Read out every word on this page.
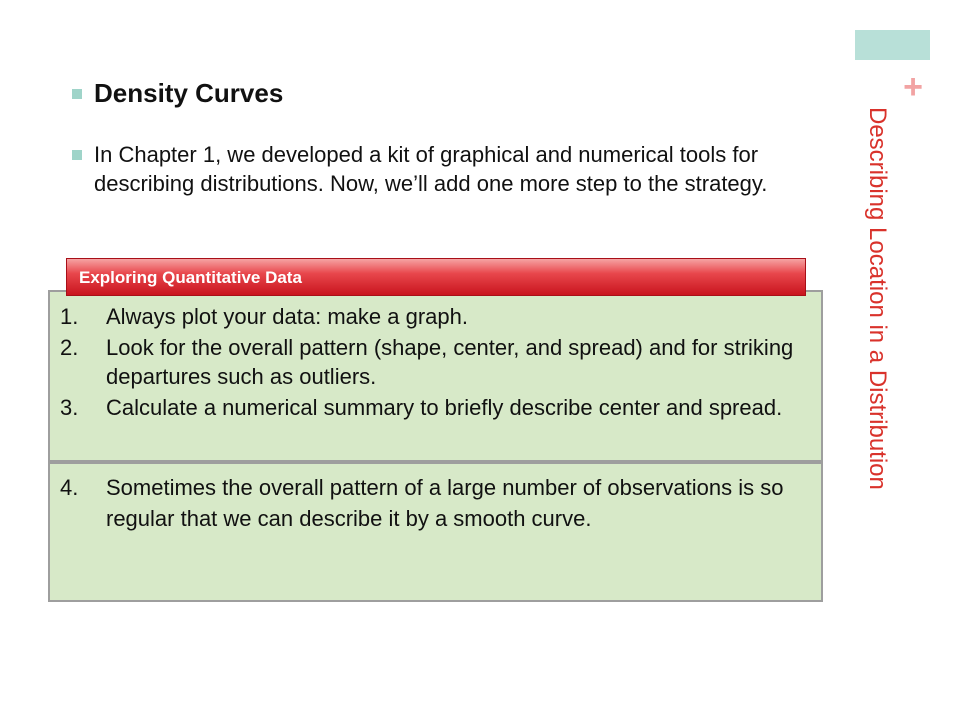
+
Describing Location in a Distribution
Density Curves
In Chapter 1, we developed a kit of graphical and numerical tools for describing distributions. Now, we’ll add one more step to the strategy.
Exploring Quantitative Data
1.	Always plot your data: make a graph.
2.	Look for the overall pattern (shape, center, and spread) and for striking departures such as outliers.
3.	Calculate a numerical summary to briefly describe center and spread.
4.	Sometimes the overall pattern of a large number of observations is so regular that we can describe it by a smooth curve.
